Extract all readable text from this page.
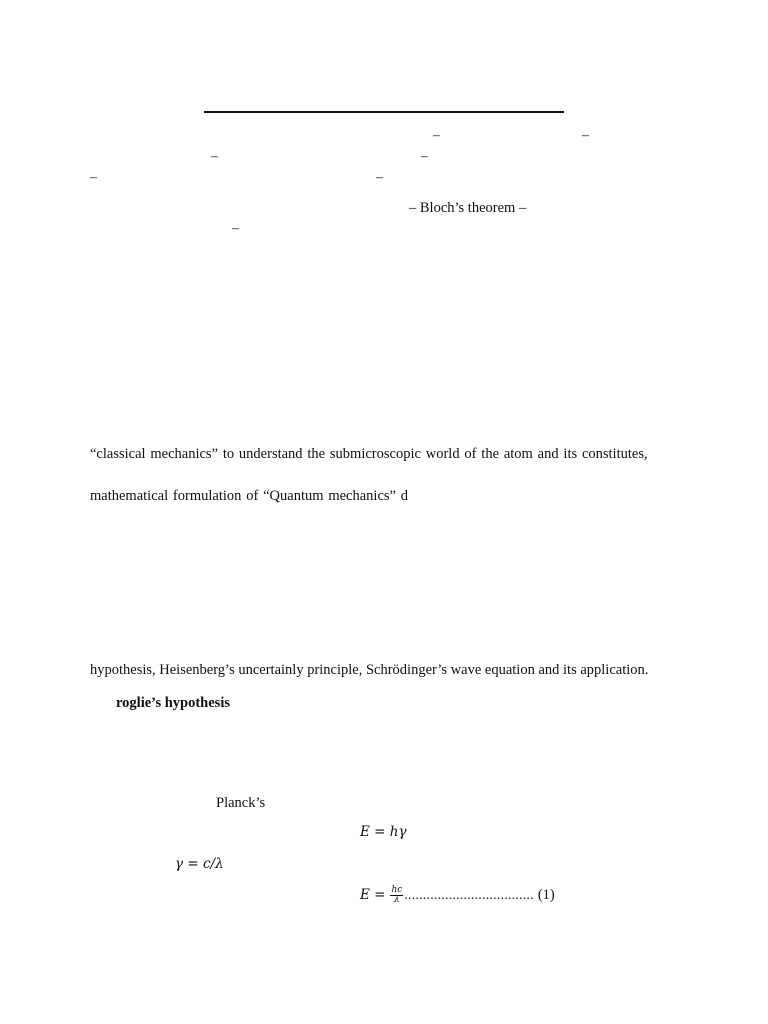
–	–
–	–
–	–
–
– Bloch’s theorem –
“classical mechanics” to understand the submicroscopic world of the atom and its constitutes,
mathematical formulation of “Quantum mechanics” d
hypothesis, Heisenberg’s uncertainly principle, Schrödinger’s wave equation and its application.
roglie’s hypothesis
Planck’s
E = hγ
γ = c/λ
$E = \frac{hc}{\lambda}$ ................................... (1)
